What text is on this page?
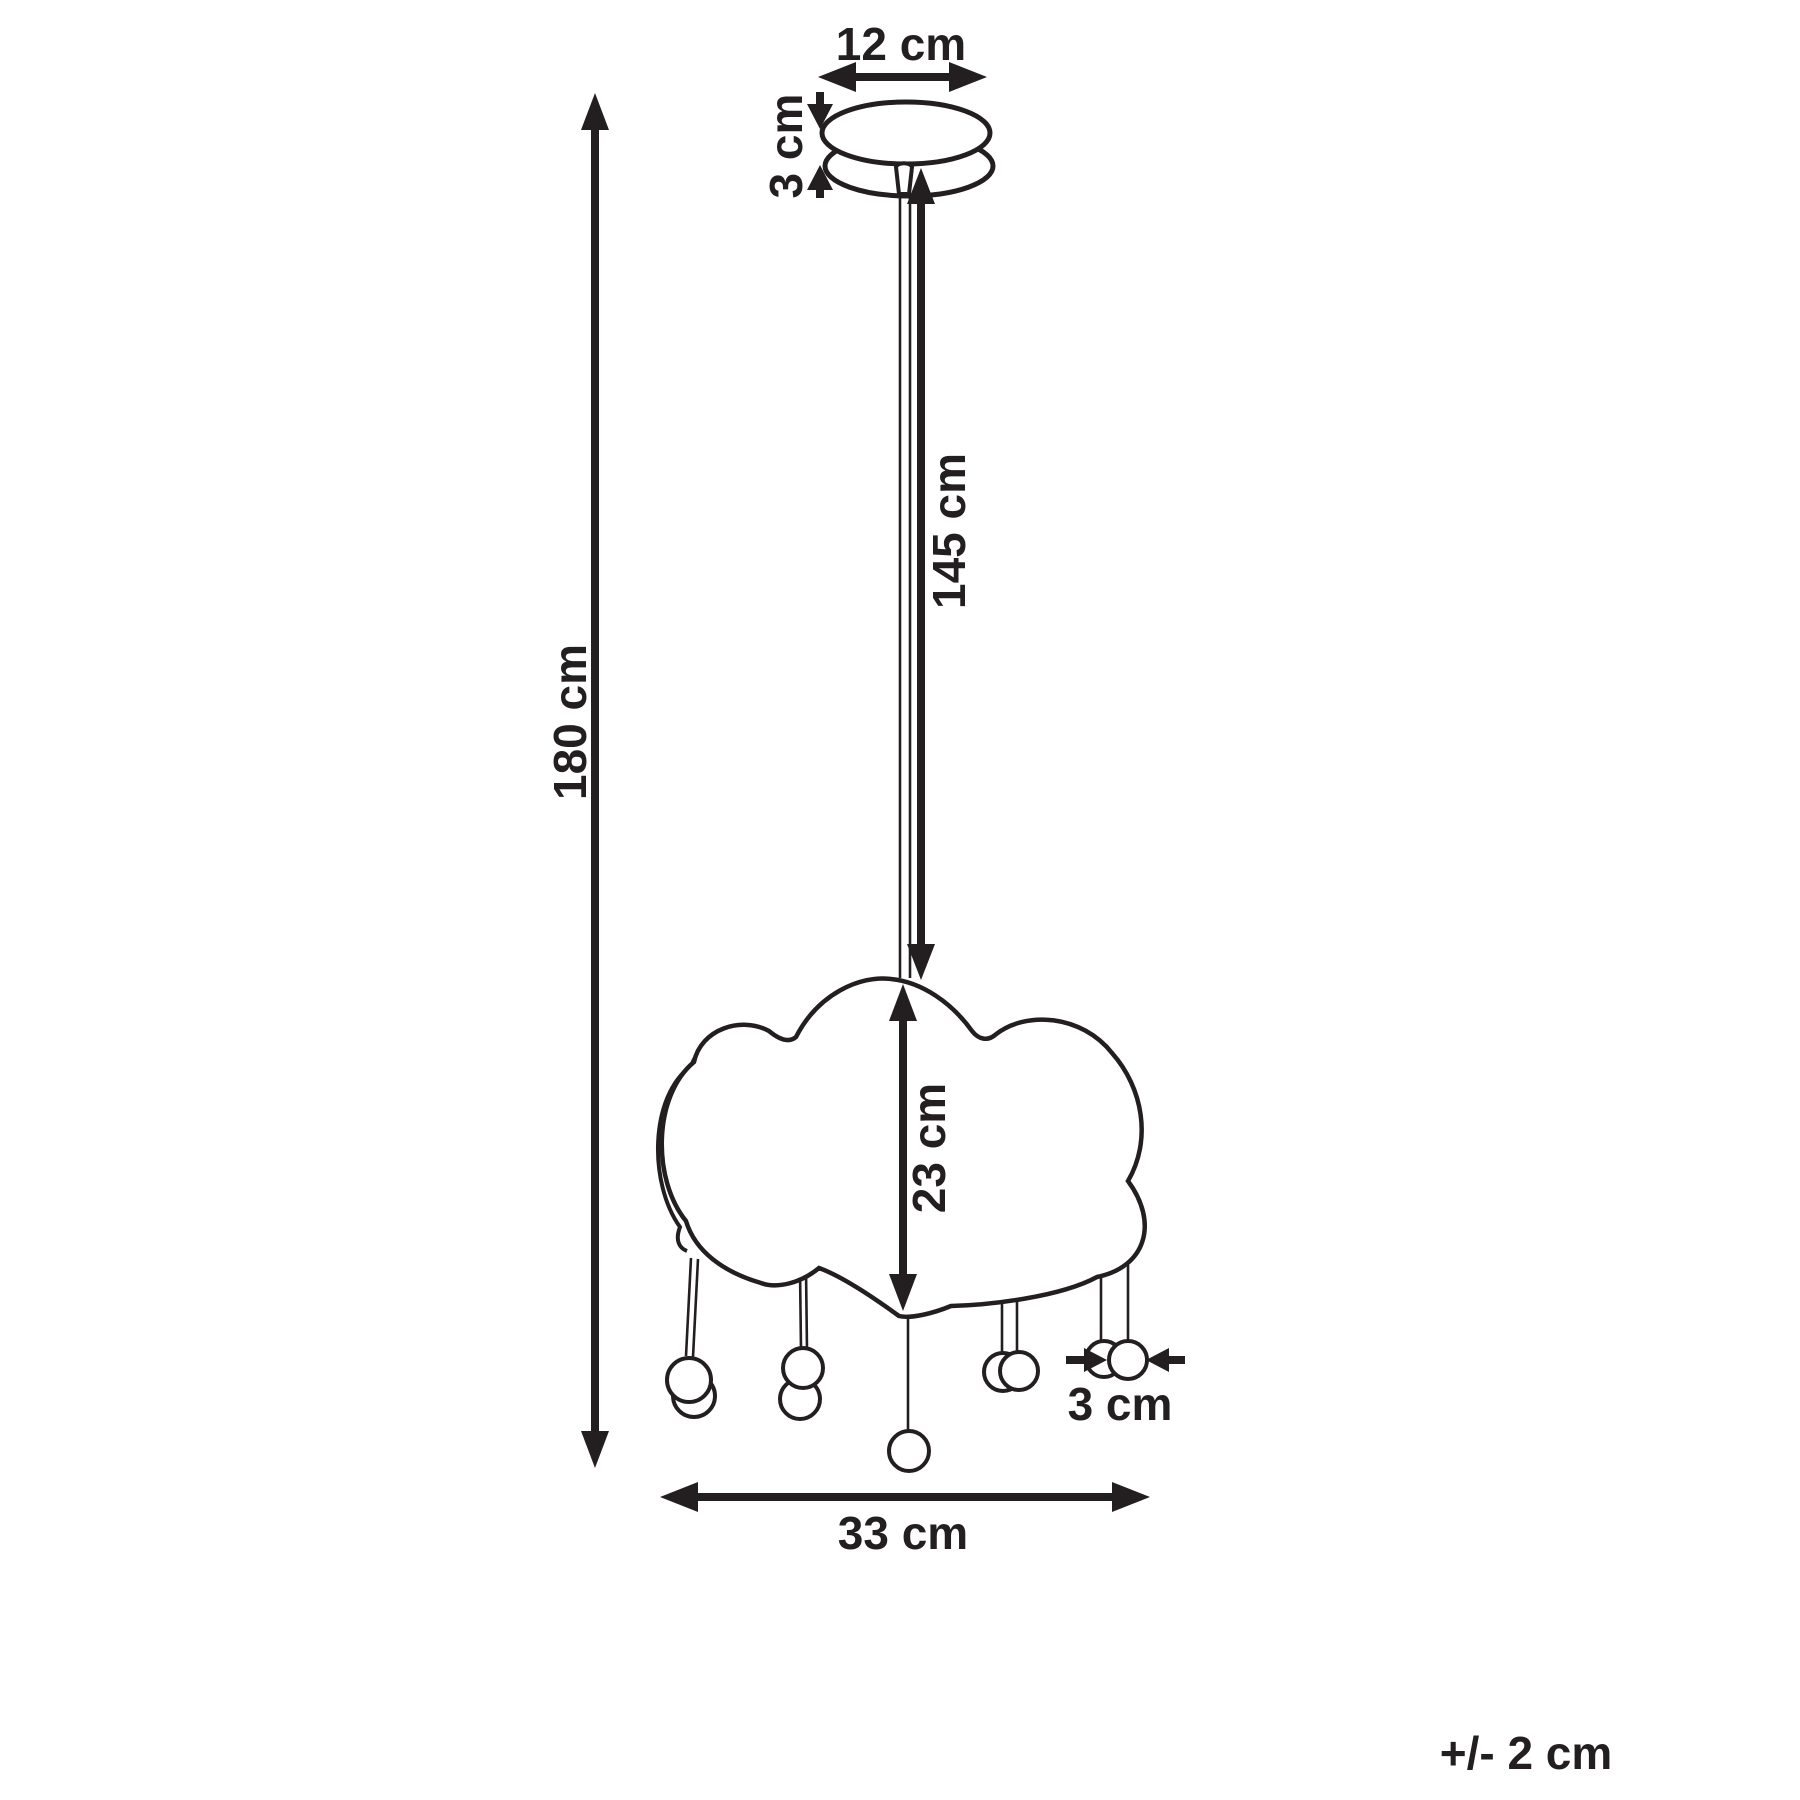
12 cm
3 cm
145 cm
180 cm
23 cm
3 cm
33 cm
+/- 2 cm
